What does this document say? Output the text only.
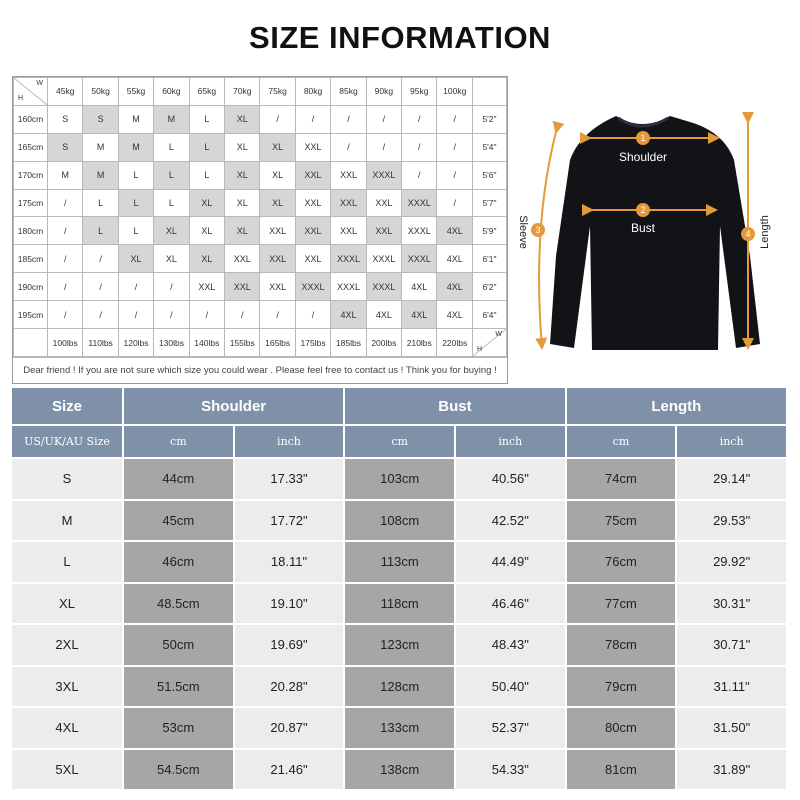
SIZE INFORMATION
H
W	45kg	50kg	55kg	60kg	65kg	70kg	75kg	80kg	85kg	90kg	95kg	100kg	
160cm	S	S	M	M	L	XL	/	/	/	/	/	/	5'2"
165cm	S	M	M	L	L	XL	XL	XXL	/	/	/	/	5'4"
170cm	M	M	L	L	L	XL	XL	XXL	XXL	XXXL	/	/	5'6"
175cm	/	L	L	L	XL	XL	XL	XXL	XXL	XXL	XXXL	/	5'7"
180cm	/	L	L	XL	XL	XL	XXL	XXL	XXL	XXL	XXXL	4XL	5'9"
185cm	/	/	XL	XL	XL	XXL	XXL	XXL	XXXL	XXXL	XXXL	4XL	6'1"
190cm	/	/	/	/	XXL	XXL	XXL	XXXL	XXXL	XXXL	4XL	4XL	6'2"
195cm	/	/	/	/	/	/	/	/	4XL	4XL	4XL	4XL	6'4"
	100lbs	110lbs	120lbs	130lbs	140lbs	155lbs	165lbs	175lbs	185lbs	200lbs	210lbs	220lbs	H
W
Dear friend ! If you are not sure which size you could wear . Please feel free to contact us ! Think you for buying !
1
Shoulder
2
Bust
3
Sleeve	4 Length
Size	Shoulder		Bust		Length	
US/UK/AU Size	cm	inch	cm	inch	cm	inch
S	44cm	17.33"	103cm	40.56"	74cm	29.14"
M	45cm	17.72"	108cm	42.52"	75cm	29.53"
L	46cm	18.11"	113cm	44.49"	76cm	29.92"
XL	48.5cm	19.10"	118cm	46.46"	77cm	30.31"
2XL	50cm	19.69"	123cm	48.43"	78cm	30.71"
3XL	51.5cm	20.28"	128cm	50.40"	79cm	31.11"
4XL	53cm	20.87"	133cm	52.37"	80cm	31.50"
5XL	54.5cm	21.46"	138cm	54.33"	81cm	31.89"
